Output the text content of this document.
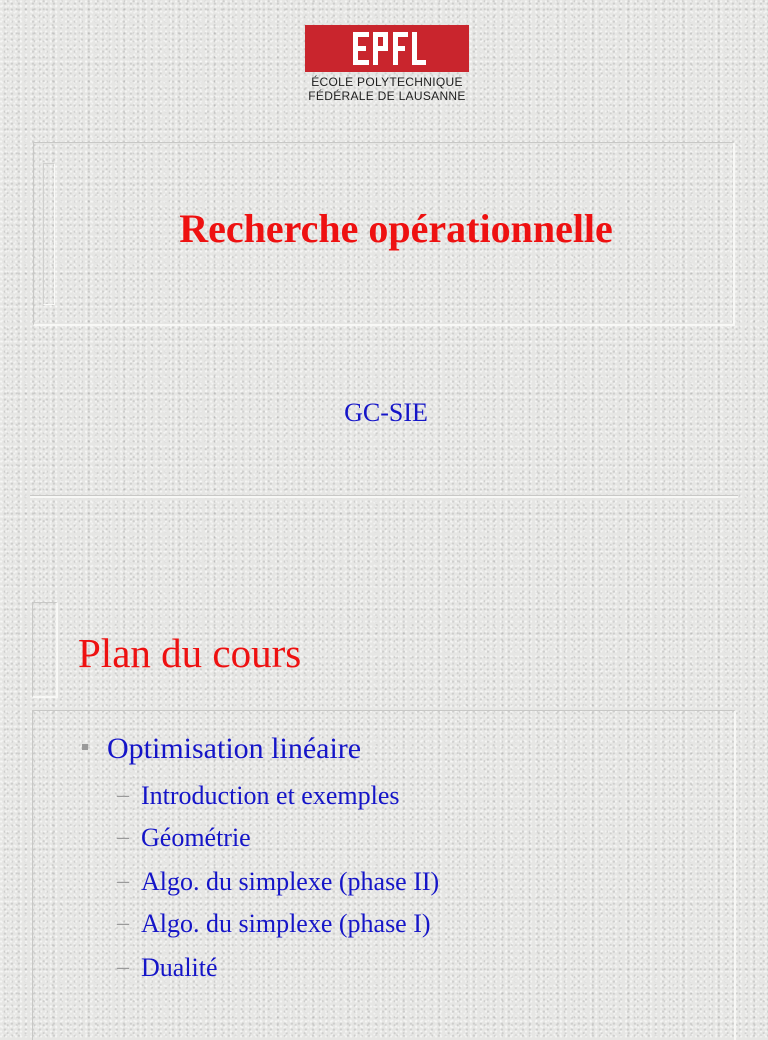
ÉCOLE POLYTECHNIQUE
FÉDÉRALE DE LAUSANNE
Recherche opérationnelle
GC-SIE
Plan du cours
Optimisation linéaire
– Introduction et exemples
– Géométrie
– Algo. du simplexe (phase II)
– Algo. du simplexe (phase I)
– Dualité
